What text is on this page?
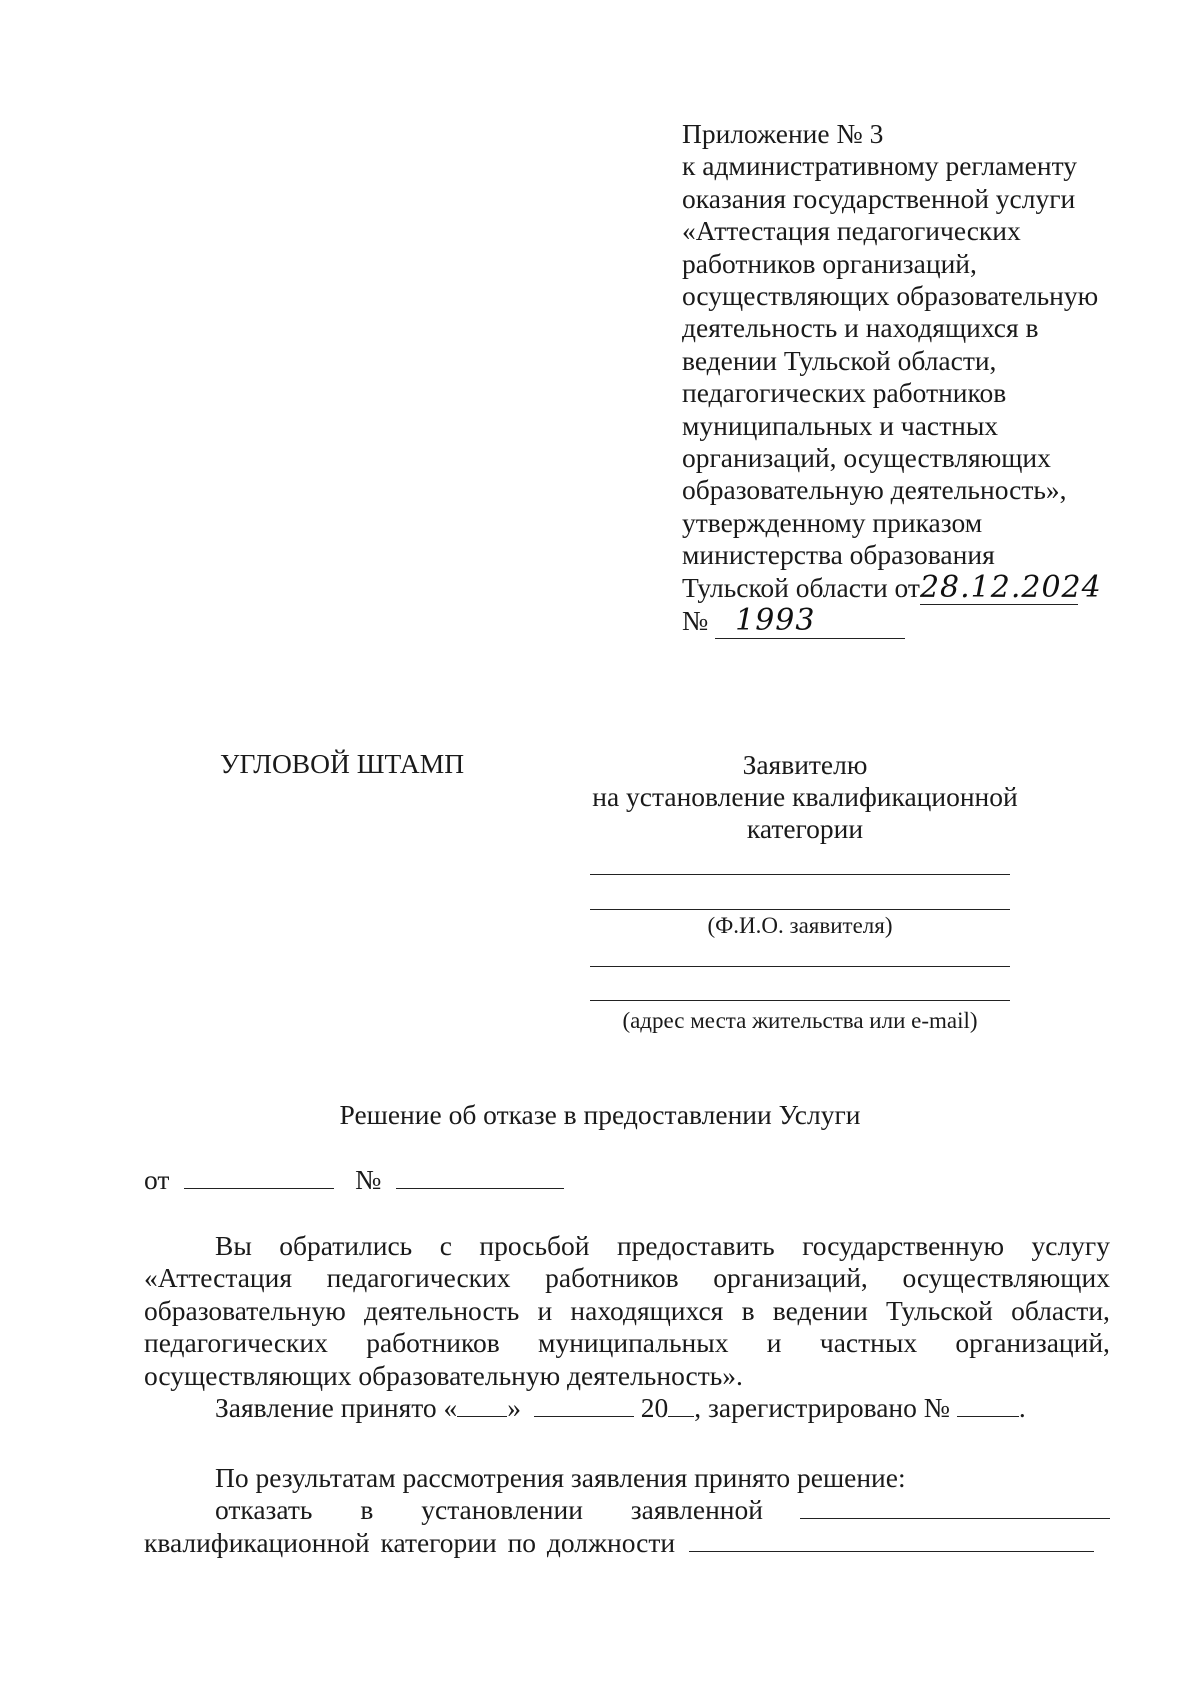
Приложение № 3
к административному регламенту
оказания государственной услуги
«Аттестация педагогических
работников организаций,
осуществляющих образовательную
деятельность и находящихся в
ведении Тульской области,
педагогических работников
муниципальных и частных
организаций, осуществляющих
образовательную деятельность»,
утвержденному приказом
министерства образования
Тульской области от28.12.2024
№ 1993
УГЛОВОЙ ШТАМП	Заявителю
на установление квалификационной
категории
(Ф.И.О. заявителя)
(адрес места жительства или e-mail)
Решение об отказе в предоставлении Услуги
от	№
Вы обратились с просьбой предоставить государственную услугу
«Аттестация педагогических работников организаций, осуществляющих
образовательную деятельность и находящихся в ведении Тульской области,
педагогических работников муниципальных и частных организаций,
осуществляющих образовательную деятельность».
Заявление принято « »	20 , зарегистрировано №	.
По результатам рассмотрения заявления принято решение:
отказать в установлении заявленной
квалификационной категории по должности
